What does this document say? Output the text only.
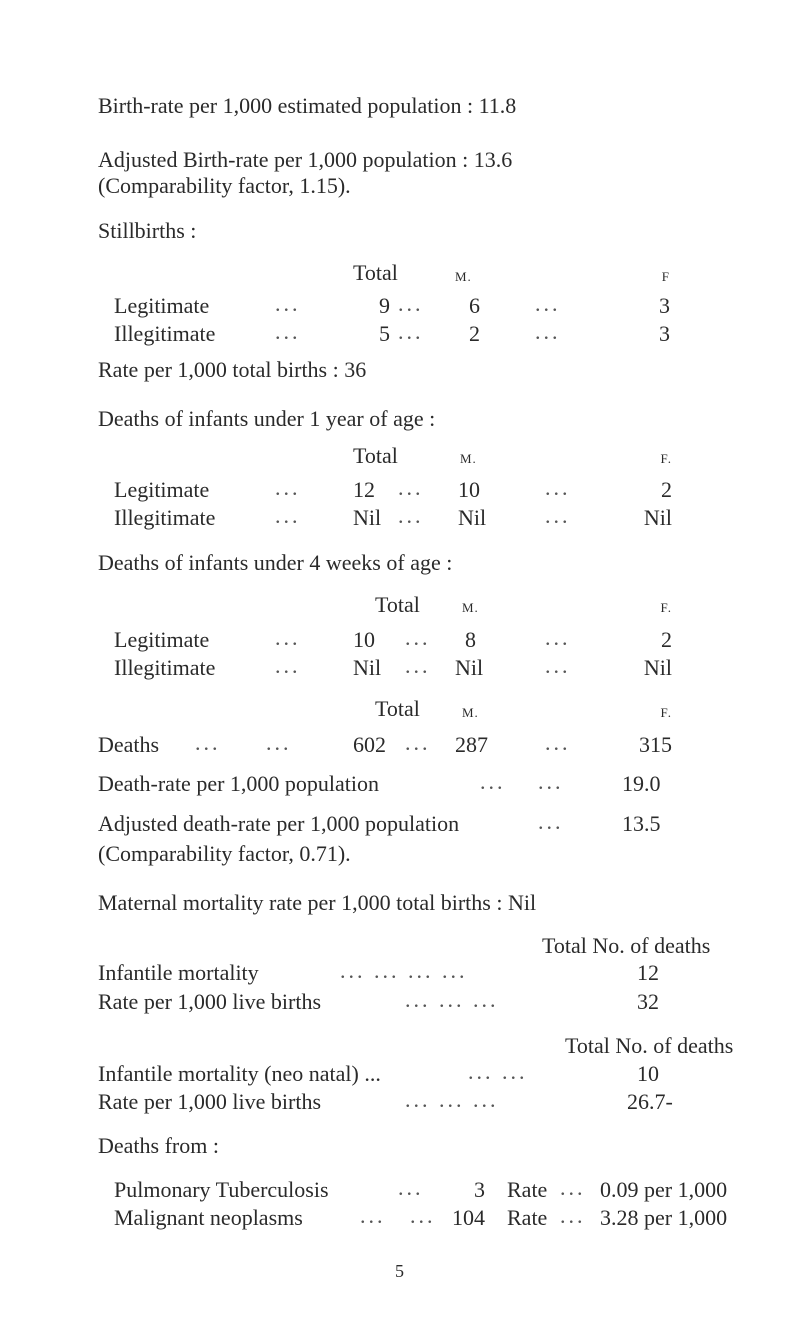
Birth-rate per 1,000 estimated population : 11.8
Adjusted Birth-rate per 1,000 population : 13.6
(Comparability factor, 1.15).
Stillbirths :
Total	M.	F
Legitimate	...	9 ...	6	...	3
Illegitimate	...	5 ...	2	...	3
Rate per 1,000 total births : 36
Deaths of infants under 1 year of age :
Total	M.	F.
Legitimate	... 12 ... 10	...	2
Illegitimate	... Nil ... Nil	...	Nil
Deaths of infants under 4 weeks of age :
Total	M.	F.
Legitimate	... 10 ... 8	...	2
Illegitimate	... Nil ... Nil	...	Nil
Total	M.	F.
Deaths ... ...	602 ... 287	...	315
Death-rate per 1,000 population	... ...	19.0
Adjusted death-rate per 1,000 population	...	13.5
(Comparability factor, 0.71).
Maternal mortality rate per 1,000 total births : Nil
Total No. of deaths
Infantile mortality	... ... ... ...	12
Rate per 1,000 live births	... ... ...	32
Total No. of deaths
Infantile mortality (neo natal) ...	... ...	10
Rate per 1,000 live births	... ... ...	26.7-
Deaths from :
Pulmonary Tuberculosis	...	3 Rate ... 0.09 per 1,000
Malignant neoplasms	... ... 104 Rate ... 3.28 per 1,000
5
